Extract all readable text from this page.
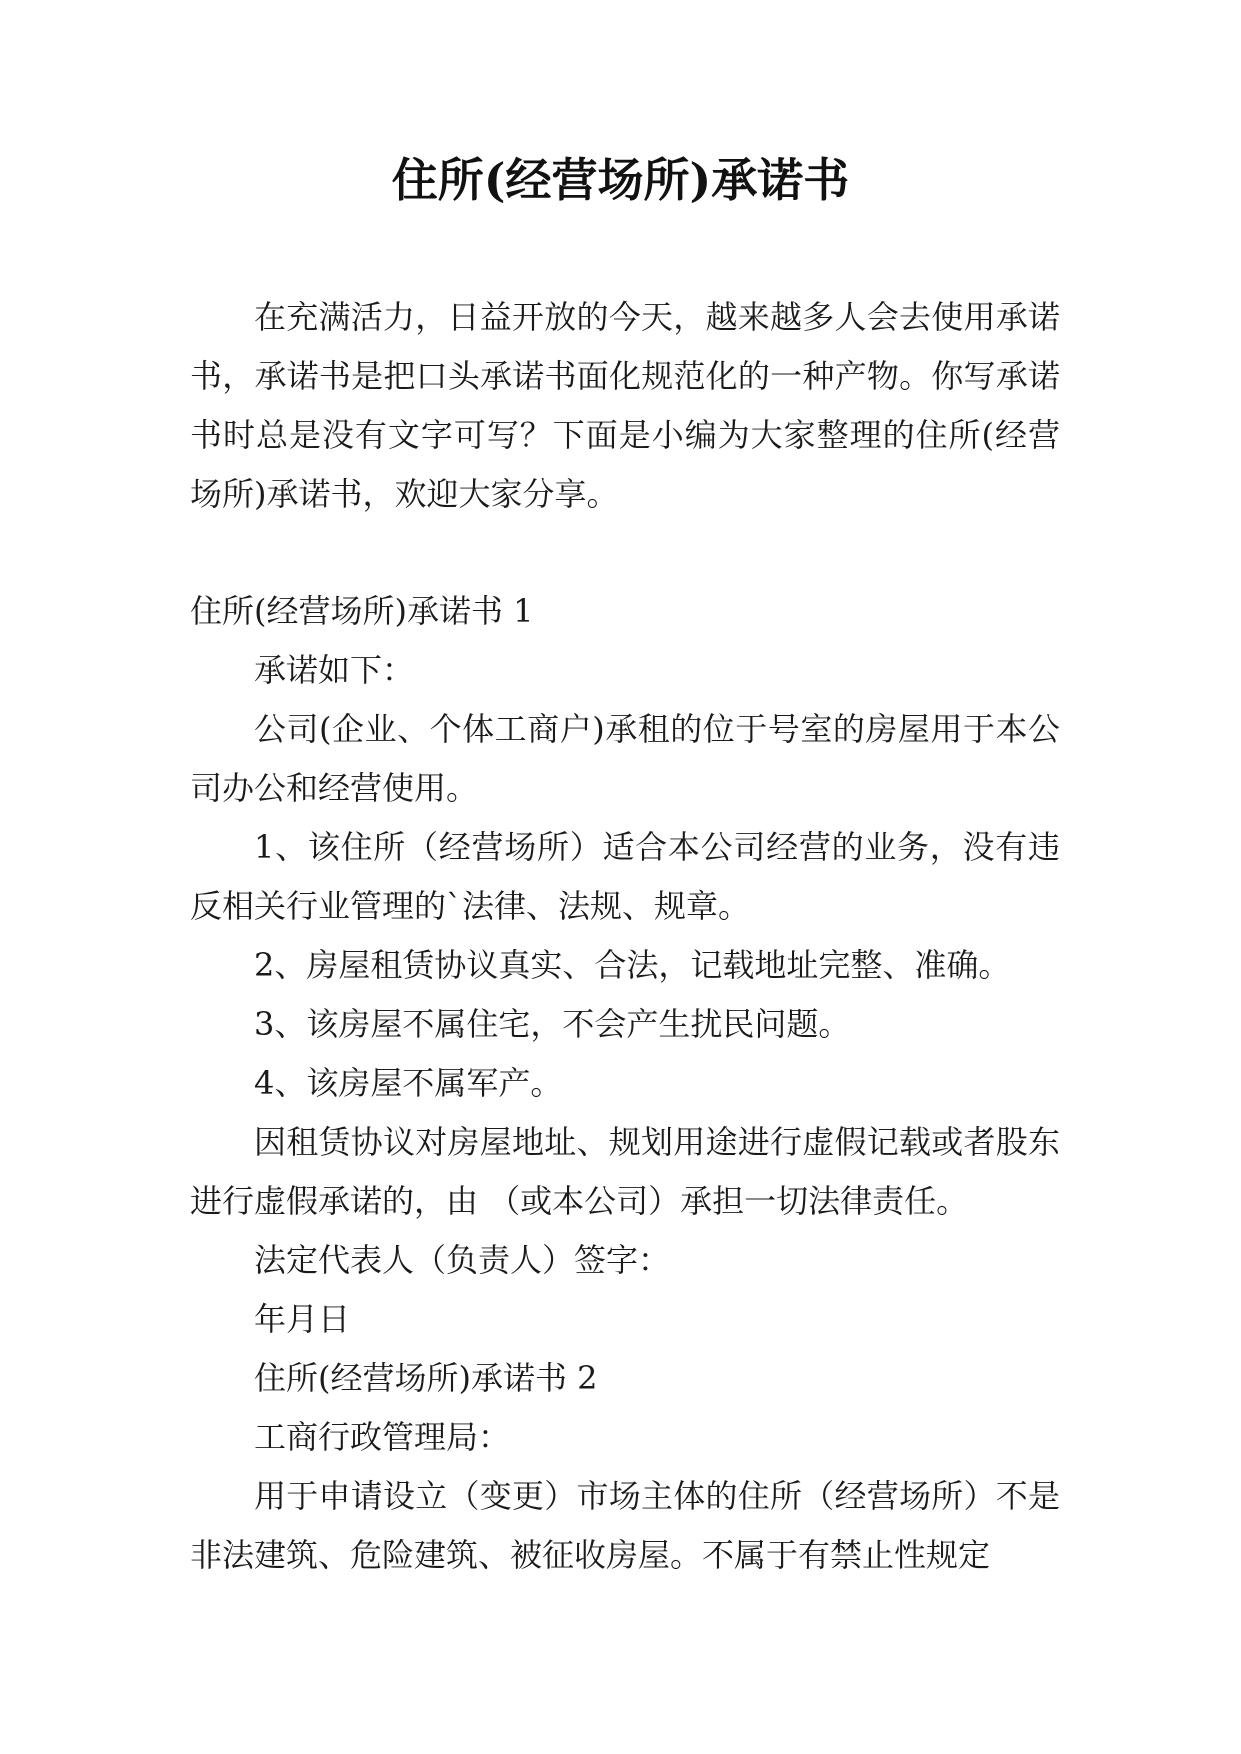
住所(经营场所)承诺书

在充满活力，日益开放的今天，越来越多人会去使用承诺书，承诺书是把口头承诺书面化规范化的一种产物。你写承诺书时总是没有文字可写？下面是小编为大家整理的住所(经营场所)承诺书，欢迎大家分享。

住所(经营场所)承诺书 1

承诺如下：

公司(企业、个体工商户)承租的位于号室的房屋用于本公司办公和经营使用。

1、该住所（经营场所）适合本公司经营的业务，没有违反相关行业管理的`法律、法规、规章。

2、房屋租赁协议真实、合法，记载地址完整、准确。

3、该房屋不属住宅，不会产生扰民问题。

4、该房屋不属军产。

因租赁协议对房屋地址、规划用途进行虚假记载或者股东进行虚假承诺的，由 （或本公司）承担一切法律责任。

法定代表人（负责人）签字：

年月日

住所(经营场所)承诺书 2

工商行政管理局：

用于申请设立（变更）市场主体的住所（经营场所）不是非法建筑、危险建筑、被征收房屋。不属于有禁止性规定
